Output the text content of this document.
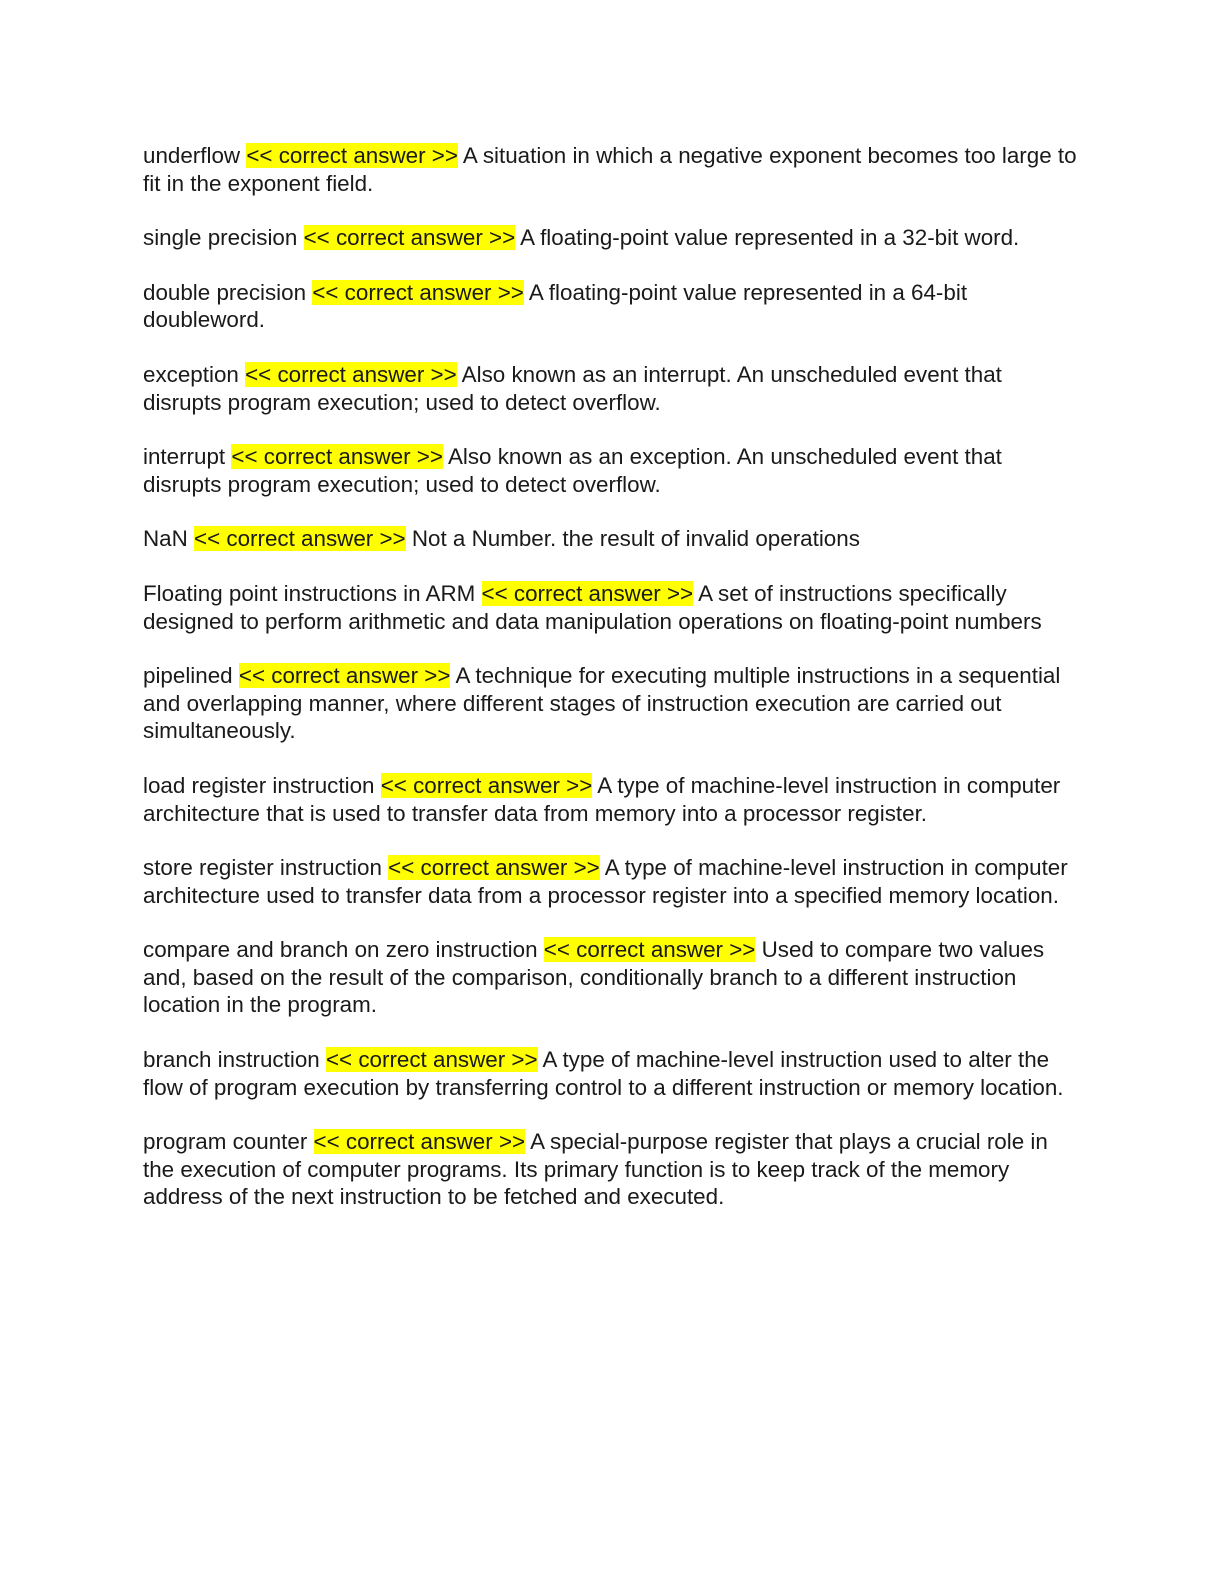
underflow << correct answer >> A situation in which a negative exponent becomes too large to fit in the exponent field.

single precision << correct answer >> A floating-point value represented in a 32-bit word.

double precision << correct answer >> A floating-point value represented in a 64-bit doubleword.

exception << correct answer >> Also known as an interrupt. An unscheduled event that disrupts program execution; used to detect overflow.

interrupt << correct answer >> Also known as an exception. An unscheduled event that disrupts program execution; used to detect overflow.

NaN << correct answer >> Not a Number. the result of invalid operations

Floating point instructions in ARM << correct answer >> A set of instructions specifically designed to perform arithmetic and data manipulation operations on floating-point numbers

pipelined << correct answer >> A technique for executing multiple instructions in a sequential and overlapping manner, where different stages of instruction execution are carried out simultaneously.

load register instruction << correct answer >> A type of machine-level instruction in computer architecture that is used to transfer data from memory into a processor register.

store register instruction << correct answer >> A type of machine-level instruction in computer architecture used to transfer data from a processor register into a specified memory location.

compare and branch on zero instruction << correct answer >> Used to compare two values and, based on the result of the comparison, conditionally branch to a different instruction location in the program.

branch instruction << correct answer >> A type of machine-level instruction used to alter the flow of program execution by transferring control to a different instruction or memory location.

program counter << correct answer >> A special-purpose register that plays a crucial role in the execution of computer programs. Its primary function is to keep track of the memory address of the next instruction to be fetched and executed.
